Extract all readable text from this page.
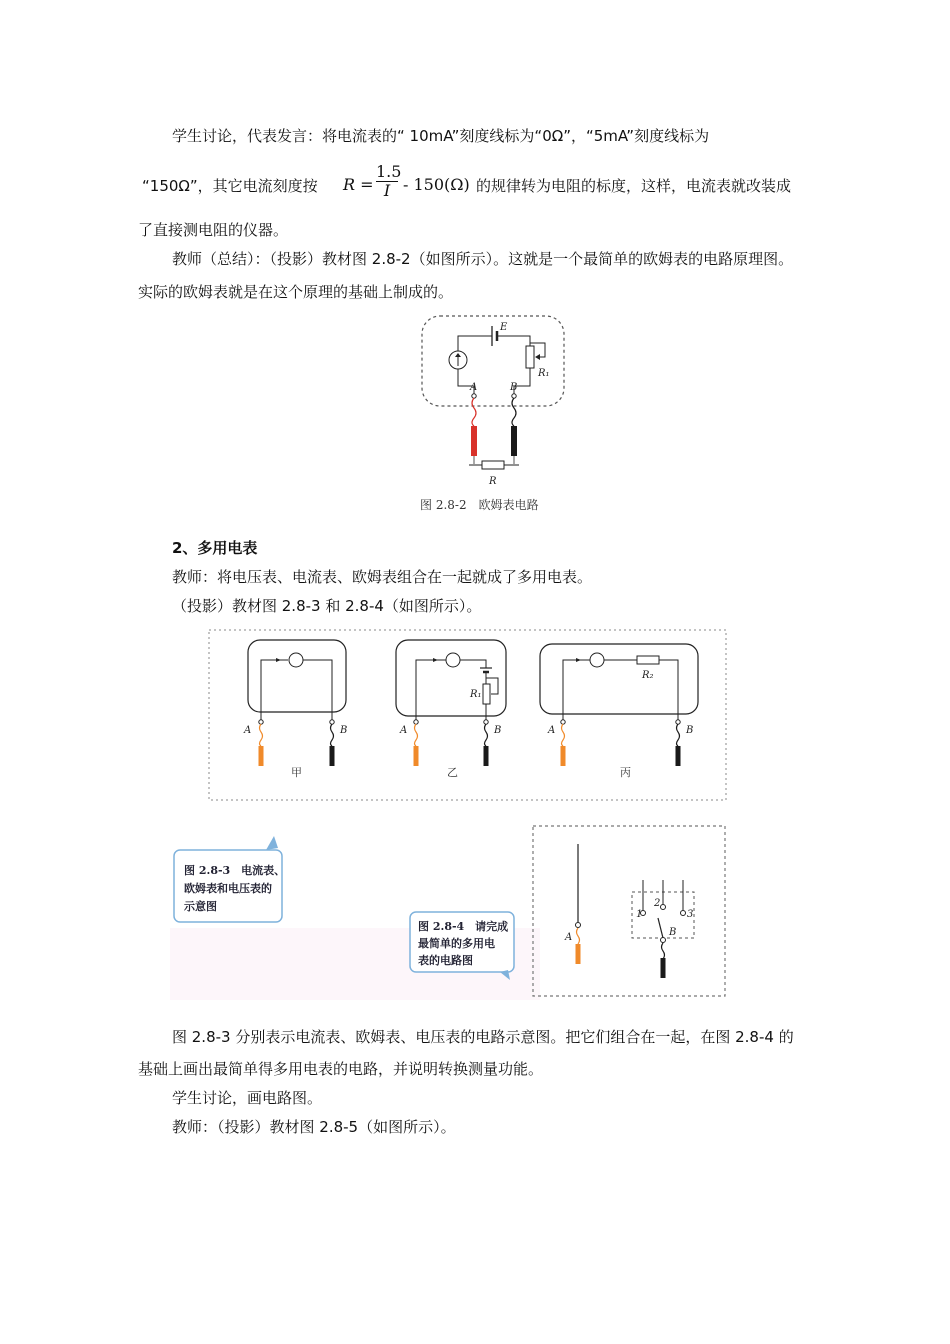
学生讨论，代表发言：将电流表的“ 10mA”刻度线标为“0Ω”，“5mA”刻度线标为
“150Ω”，其它电流刻度按 $R = \frac{1.5}{I} - 150(\Omega)$ 的规律转为电阻的标度，这样，电流表就改装成
了直接测电阻的仪器。
教师（总结）：（投影）教材图 2.8-2（如图所示）。这就是一个最简单的欧姆表的电路原理图。
实际的欧姆表就是在这个原理的基础上制成的。
2、多用电表
教师：将电压表、电流表、欧姆表组合在一起就成了多用电表。
（投影）教材图 2.8-3 和 2.8-4（如图所示）。
图 2.8-3 分别表示电流表、欧姆表、电压表的电路示意图。把它们组合在一起，在图 2.8-4 的
基础上画出最简单得多用电表的电路，并说明转换测量功能。
学生讨论，画电路图。
教师：（投影）教材图 2.8-5（如图所示）。
E
A	B
R₁
R
图 2.8-2　欧姆表电路
A	B
甲
A	B
R₁
乙
A	B
R₂
丙
图 2.8-3　电流表、
欧姆表和电压表的
示意图
A
1
2
3
B
图 2.8-4　请完成
最简单的多用电
表的电路图
